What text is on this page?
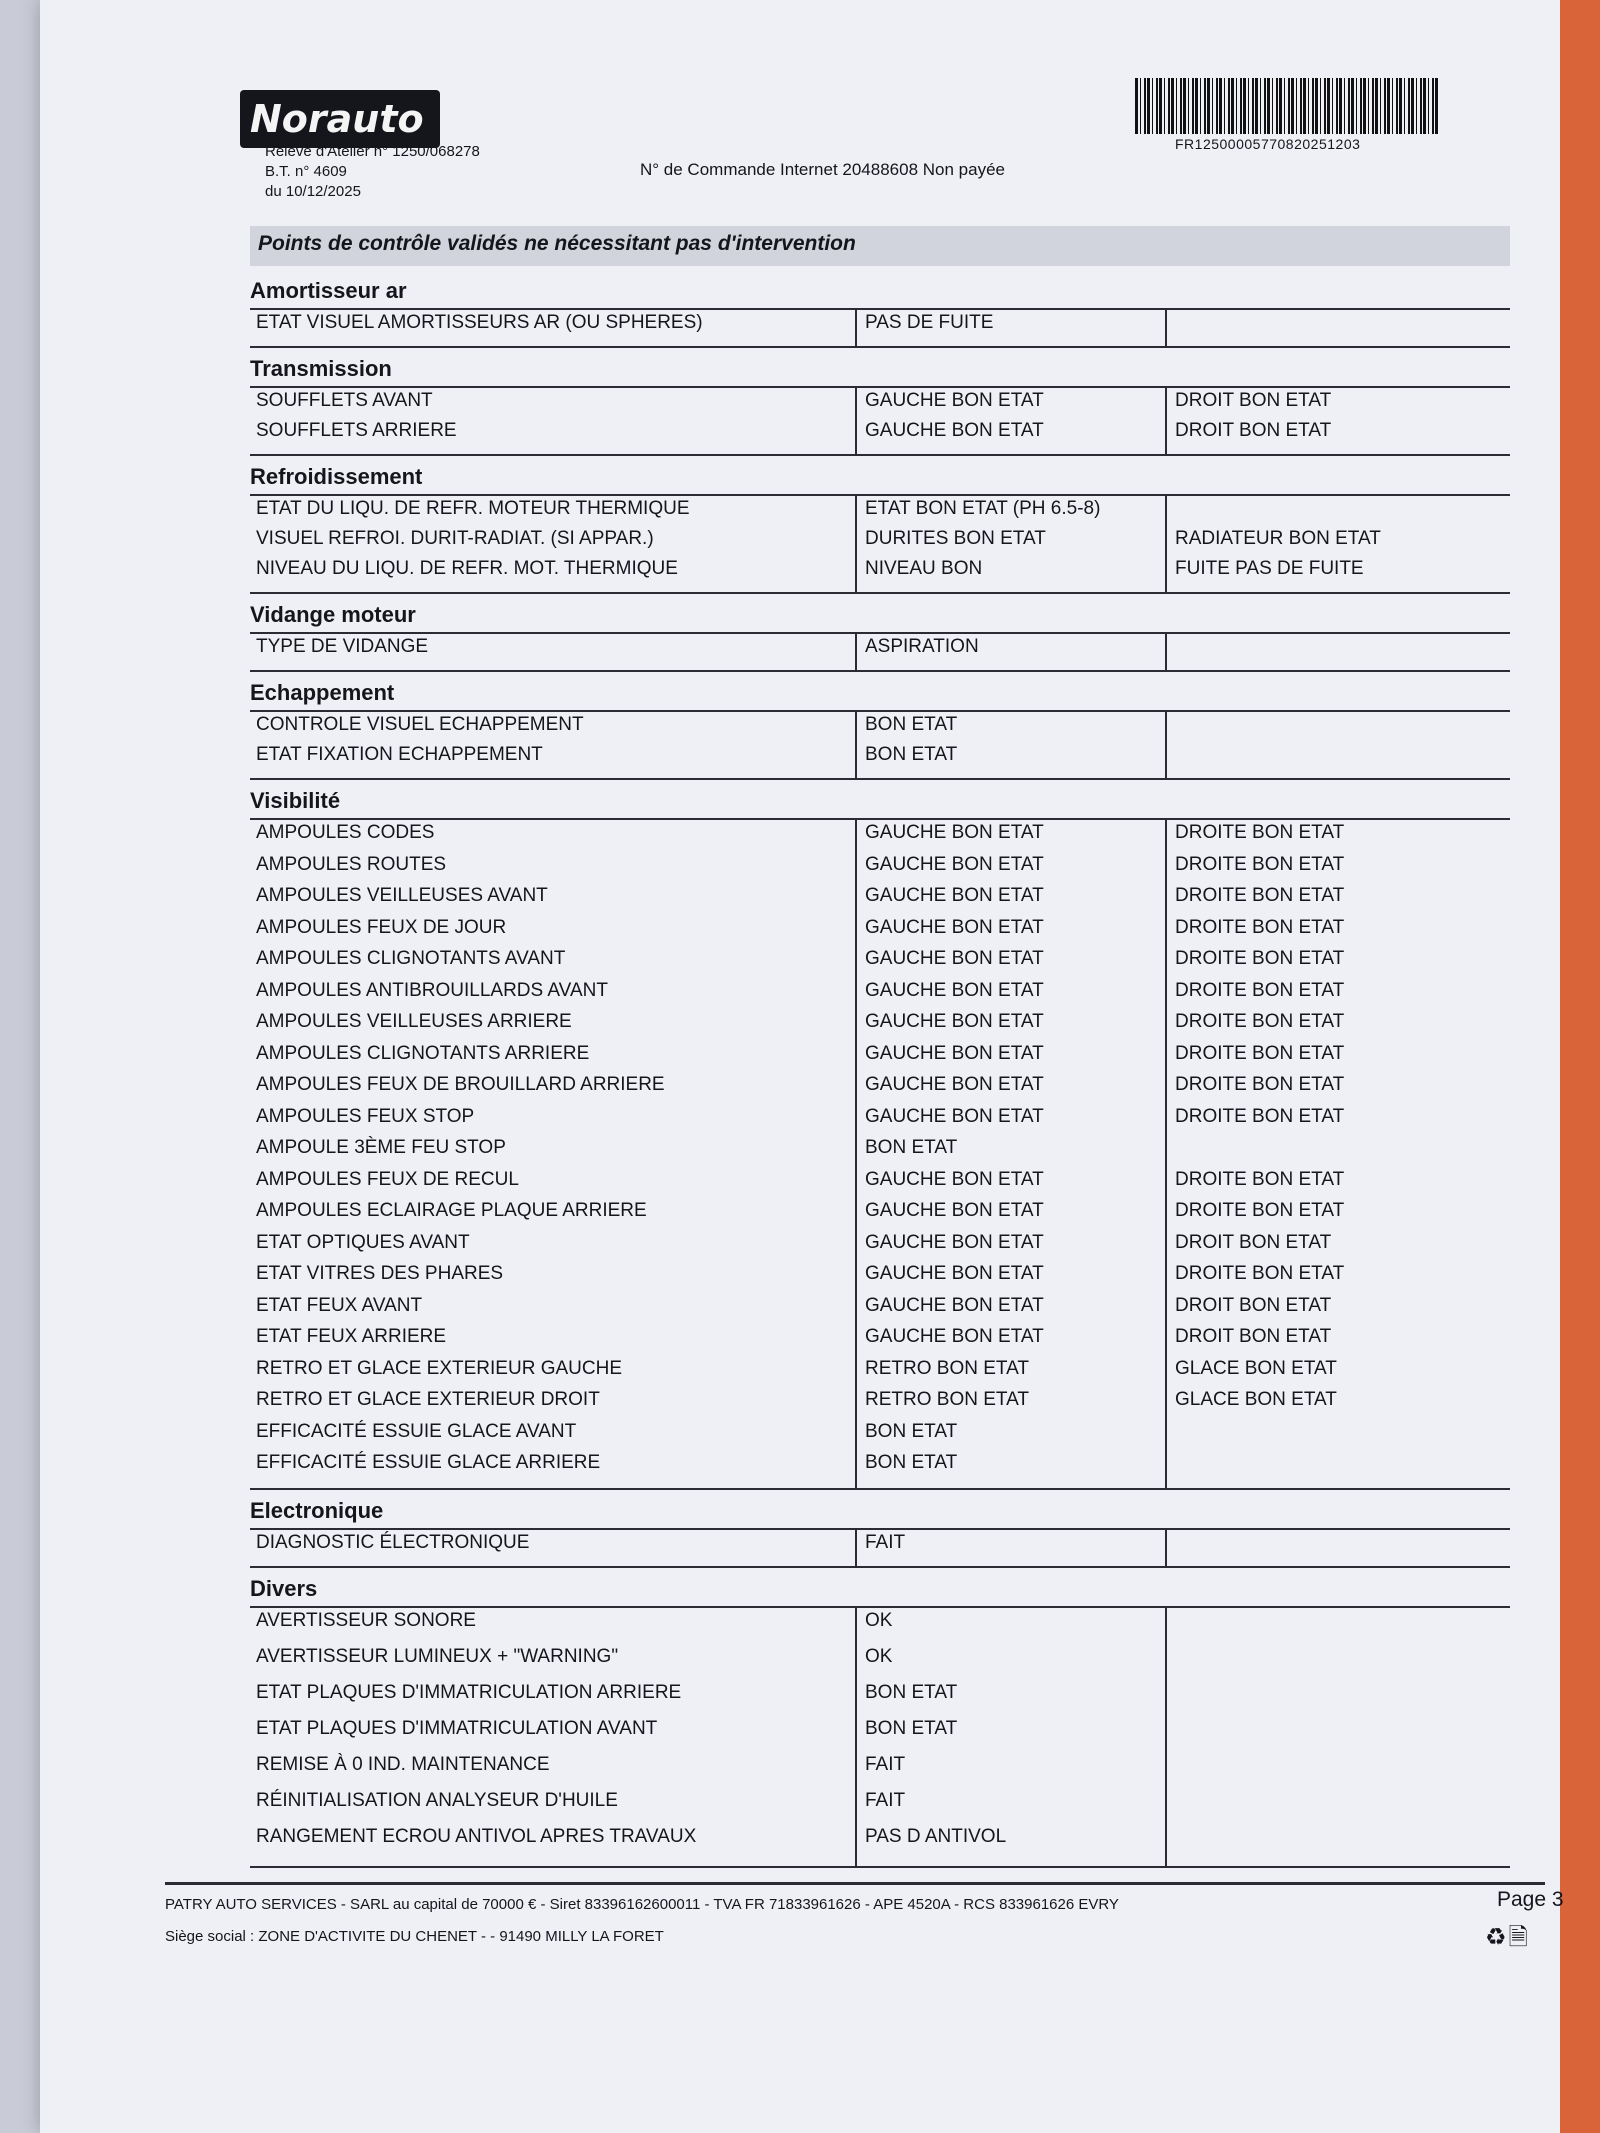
Norauto
Relevé d'Atelier n° 1250/068278
B.T. n° 4609
du 10/12/2025
N° de Commande Internet 20488608 Non payée
FR12500005770820251203
Points de contrôle validés ne nécessitant pas d'intervention
Amortisseur ar
ETAT VISUEL AMORTISSEURS AR (OU SPHERES)	PAS DE FUITE
Transmission
SOUFFLETS AVANT	GAUCHE BON ETAT	DROIT BON ETAT
SOUFFLETS ARRIERE	GAUCHE BON ETAT	DROIT BON ETAT
Refroidissement
ETAT DU LIQU. DE REFR. MOTEUR THERMIQUE	ETAT BON ETAT (PH 6.5-8)
VISUEL REFROI. DURIT-RADIAT. (SI APPAR.)	DURITES BON ETAT	RADIATEUR BON ETAT
NIVEAU DU LIQU. DE REFR. MOT. THERMIQUE	NIVEAU BON	FUITE PAS DE FUITE
Vidange moteur
TYPE DE VIDANGE	ASPIRATION
Echappement
CONTROLE VISUEL ECHAPPEMENT	BON ETAT
ETAT FIXATION ECHAPPEMENT	BON ETAT
Visibilité
AMPOULES CODES	GAUCHE BON ETAT	DROITE BON ETAT
AMPOULES ROUTES	GAUCHE BON ETAT	DROITE BON ETAT
AMPOULES VEILLEUSES AVANT	GAUCHE BON ETAT	DROITE BON ETAT
AMPOULES FEUX DE JOUR	GAUCHE BON ETAT	DROITE BON ETAT
AMPOULES CLIGNOTANTS AVANT	GAUCHE BON ETAT	DROITE BON ETAT
AMPOULES ANTIBROUILLARDS AVANT	GAUCHE BON ETAT	DROITE BON ETAT
AMPOULES VEILLEUSES ARRIERE	GAUCHE BON ETAT	DROITE BON ETAT
AMPOULES CLIGNOTANTS ARRIERE	GAUCHE BON ETAT	DROITE BON ETAT
AMPOULES FEUX DE BROUILLARD ARRIERE	GAUCHE BON ETAT	DROITE BON ETAT
AMPOULES FEUX STOP	GAUCHE BON ETAT	DROITE BON ETAT
AMPOULE 3ÈME FEU STOP	BON ETAT
AMPOULES FEUX DE RECUL	GAUCHE BON ETAT	DROITE BON ETAT
AMPOULES ECLAIRAGE PLAQUE ARRIERE	GAUCHE BON ETAT	DROITE BON ETAT
ETAT OPTIQUES AVANT	GAUCHE BON ETAT	DROIT BON ETAT
ETAT VITRES DES PHARES	GAUCHE BON ETAT	DROITE BON ETAT
ETAT FEUX AVANT	GAUCHE BON ETAT	DROIT BON ETAT
ETAT FEUX ARRIERE	GAUCHE BON ETAT	DROIT BON ETAT
RETRO ET GLACE EXTERIEUR GAUCHE	RETRO BON ETAT	GLACE BON ETAT
RETRO ET GLACE EXTERIEUR DROIT	RETRO BON ETAT	GLACE BON ETAT
EFFICACITÉ ESSUIE GLACE AVANT	BON ETAT
EFFICACITÉ ESSUIE GLACE ARRIERE	BON ETAT
Electronique
DIAGNOSTIC ÉLECTRONIQUE	FAIT
Divers
AVERTISSEUR SONORE	OK
AVERTISSEUR LUMINEUX + "WARNING"	OK
ETAT PLAQUES D'IMMATRICULATION ARRIERE	BON ETAT
ETAT PLAQUES D'IMMATRICULATION AVANT	BON ETAT
REMISE À 0 IND. MAINTENANCE	FAIT
RÉINITIALISATION ANALYSEUR D'HUILE	FAIT
RANGEMENT ECROU ANTIVOL APRES TRAVAUX	PAS D ANTIVOL
PATRY AUTO SERVICES - SARL au capital de 70000 € - Siret 83396162600011 - TVA FR 71833961626 - APE 4520A - RCS 833961626 EVRY
Siège social : ZONE D'ACTIVITE DU CHENET - - 91490 MILLY LA FORET
Page 3
♻🗎
